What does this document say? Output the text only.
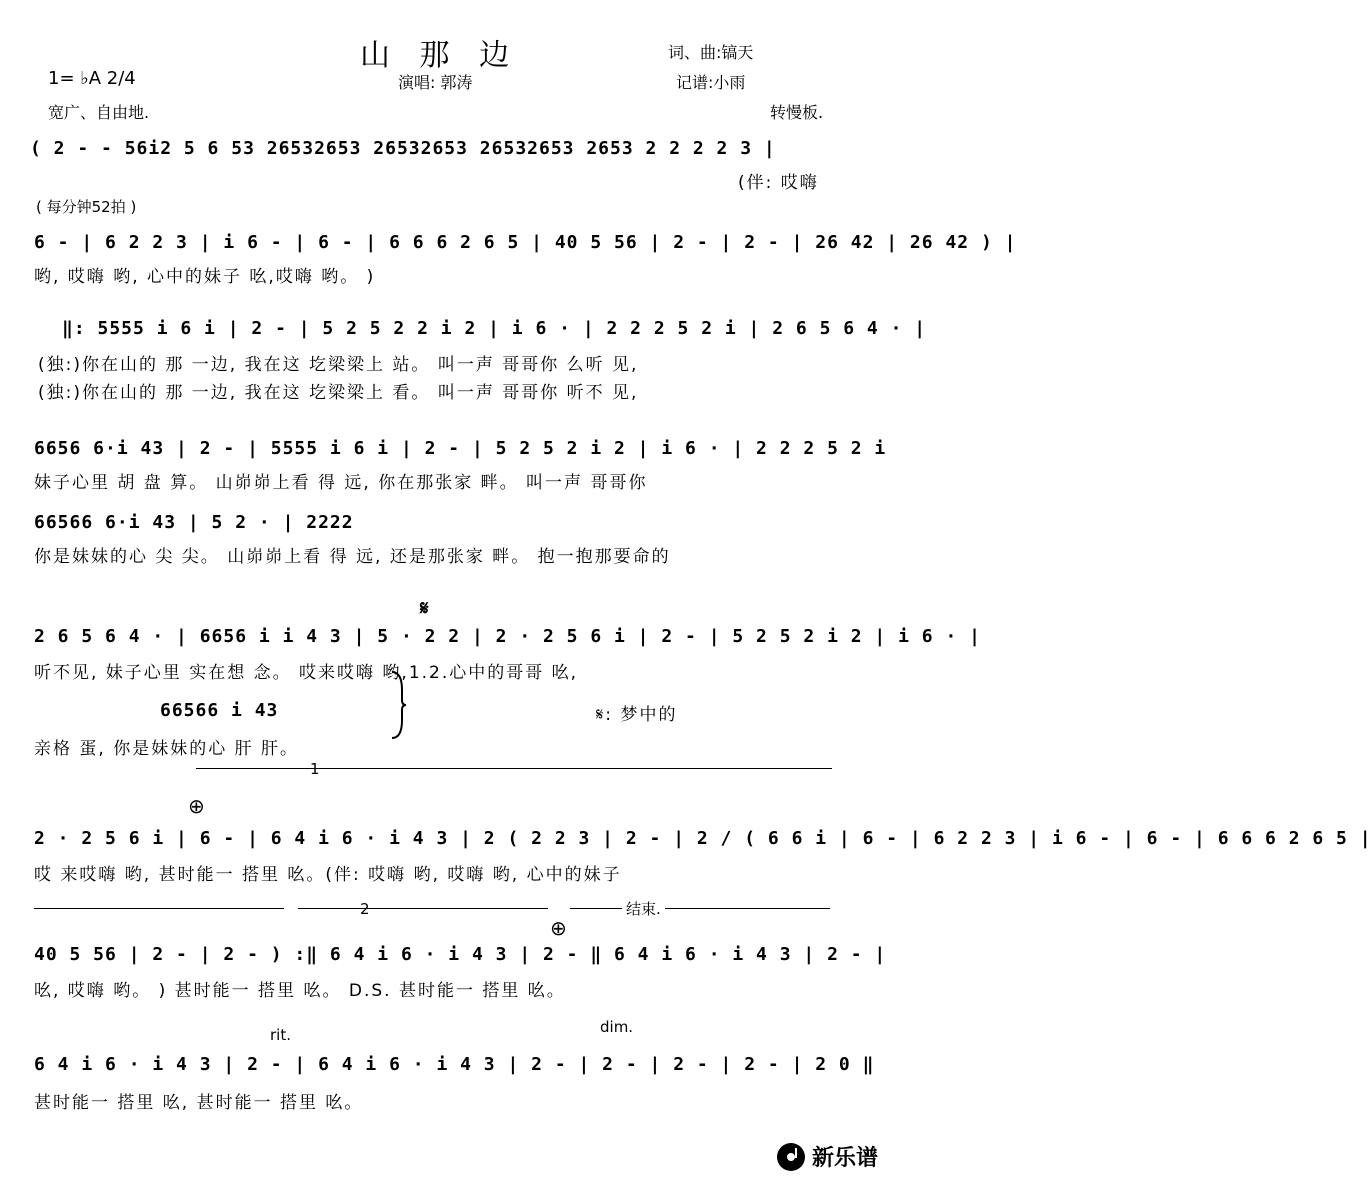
山 那 边	词、曲:镐天
1= ♭A 2/4	演唱: 郭涛	记谱:小雨
宽广、自由地.	转慢板.
( 2 - - 56i2 5 6 53 26532653 26532653 26532653 2653 2 2 2 2 3 |
(伴: 哎嗨
( 每分钟52拍 )
6 - | 6 2 2 3 | i 6 - | 6 - | 6 6 6 2 6 5 | 40 5 56 | 2 - | 2 - | 26 42 | 26 42 ) |
哟, 哎嗨 哟, 心中的妹子 吆,哎嗨 哟。 )
‖: 5555 i 6 i | 2 - | 5 2 5 2 2 i 2 | i 6 · | 2 2 2 5 2 i | 2 6 5 6 4 · |
(独:)你在山的 那 一边, 我在这 圪梁梁上 站。 叫一声 哥哥你 么听 见,
(独:)你在山的 那 一边, 我在这 圪梁梁上 看。 叫一声 哥哥你 听不 见,
6656 6·i 43 | 2 - | 5555 i 6 i | 2 - | 5 2 5 2 i 2 | i 6 · | 2 2 2 5 2 i
妹子心里 胡 盘 算。 山峁峁上看 得 远, 你在那张家 畔。 叫一声 哥哥你
66566 6·i 43 | 5 2 · | 2222
你是妹妹的心 尖 尖。 山峁峁上看 得 远, 还是那张家 畔。 抱一抱那要命的
𝄋
2 6 5 6 4 · | 6656 i i 4 3 | 5 · 2 2 | 2 · 2 5 6 i | 2 - | 5 2 5 2 i 2 | i 6 · |
听不见, 妹子心里 实在想 念。 哎来哎嗨 哟,1.2.心中的哥哥 吆,
66566 i 43
亲格 蛋, 你是妹妹的心 肝 肝。
𝄋: 梦中的
1
⊕
2 · 2 5 6 i | 6 - | 6 4 i 6 · i 4 3 | 2 ( 2 2 3 | 2 - | 2 / ( 6 6 i | 6 - | 6 2 2 3 | i 6 - | 6 - | 6 6 6 2 6 5 |
哎 来哎嗨 哟, 甚时能一 搭里 吆。(伴: 哎嗨 哟, 哎嗨 哟, 心中的妹子
2	结束.
⊕
40 5 56 | 2 - | 2 - ) :‖ 6 4 i 6 · i 4 3 | 2 - ‖ 6 4 i 6 · i 4 3 | 2 - |
吆, 哎嗨 哟。 ) 甚时能一 搭里 吆。 D.S. 甚时能一 搭里 吆。
rit.	dim.
6 4 i 6 · i 4 3 | 2 - | 6 4 i 6 · i 4 3 | 2 - | 2 - | 2 - | 2 - | 2 0 ‖
甚时能一 搭里 吆, 甚时能一 搭里 吆。
新乐谱
